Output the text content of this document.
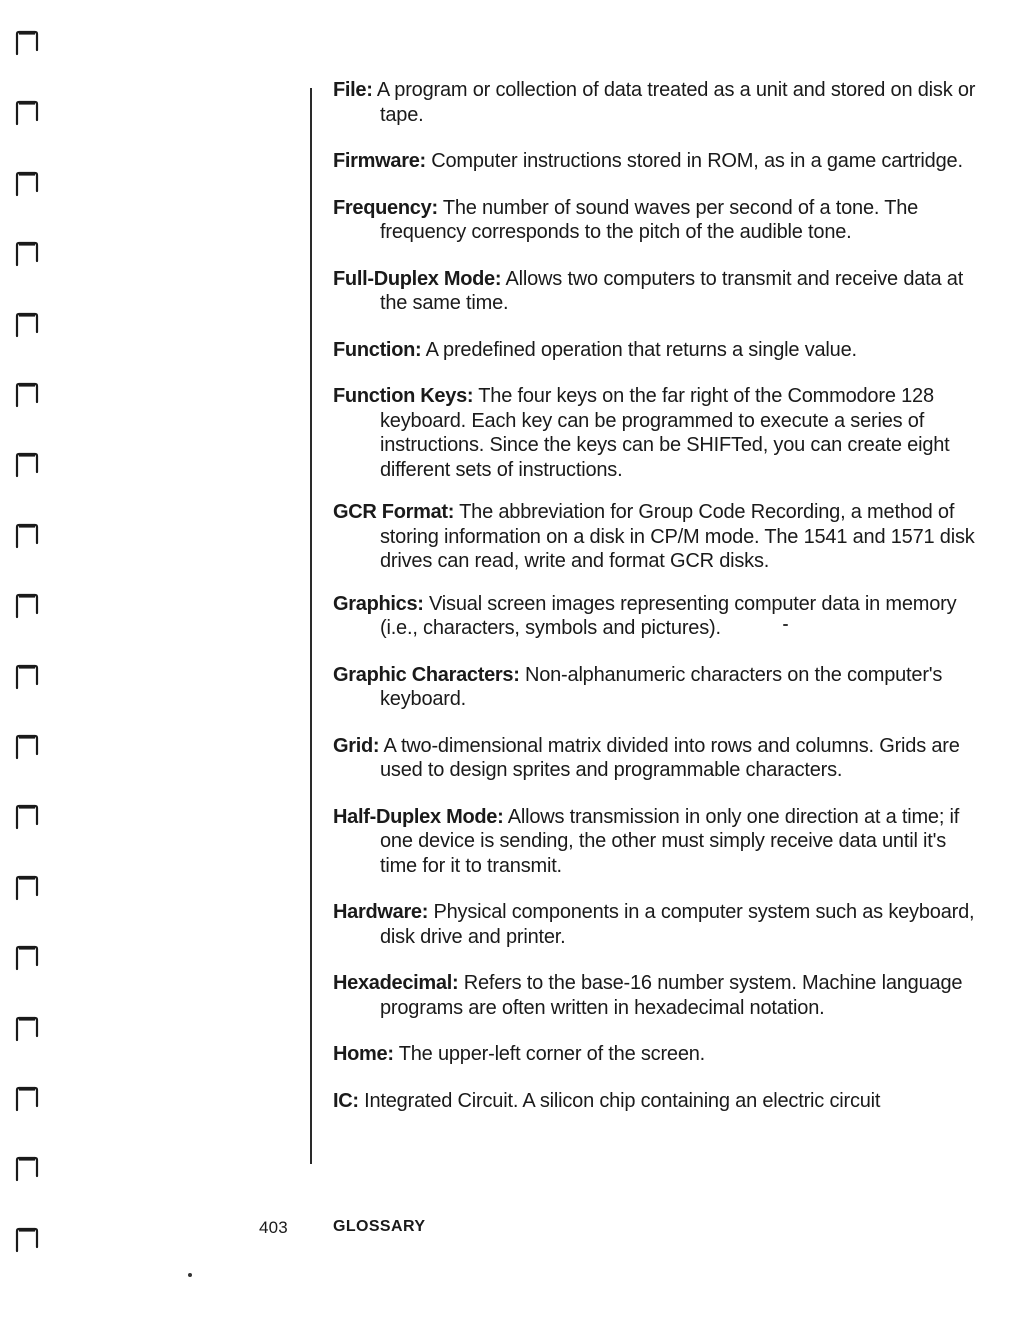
File: A program or collection of data treated as a unit and stored on disk or tape.

Firmware: Computer instructions stored in ROM, as in a game cartridge.

Frequency: The number of sound waves per second of a tone. The frequency corresponds to the pitch of the audible tone.

Full-Duplex Mode: Allows two computers to transmit and receive data at the same time.

Function: A predefined operation that returns a single value.

Function Keys: The four keys on the far right of the Commodore 128 keyboard. Each key can be programmed to execute a series of instructions. Since the keys can be SHIFTed, you can create eight different sets of instructions.

GCR Format: The abbreviation for Group Code Recording, a method of storing information on a disk in CP/M mode. The 1541 and 1571 disk drives can read, write and format GCR disks.

Graphics: Visual screen images representing computer data in memory (i.e., characters, symbols and pictures).

Graphic Characters: Non-alphanumeric characters on the computer's keyboard.

Grid: A two-dimensional matrix divided into rows and columns. Grids are used to design sprites and programmable characters.

Half-Duplex Mode: Allows transmission in only one direction at a time; if one device is sending, the other must simply receive data until it's time for it to transmit.

Hardware: Physical components in a computer system such as keyboard, disk drive and printer.

Hexadecimal: Refers to the base-16 number system. Machine language programs are often written in hexadecimal notation.

Home: The upper-left corner of the screen.

IC: Integrated Circuit. A silicon chip containing an electric circuit

403	GLOSSARY
